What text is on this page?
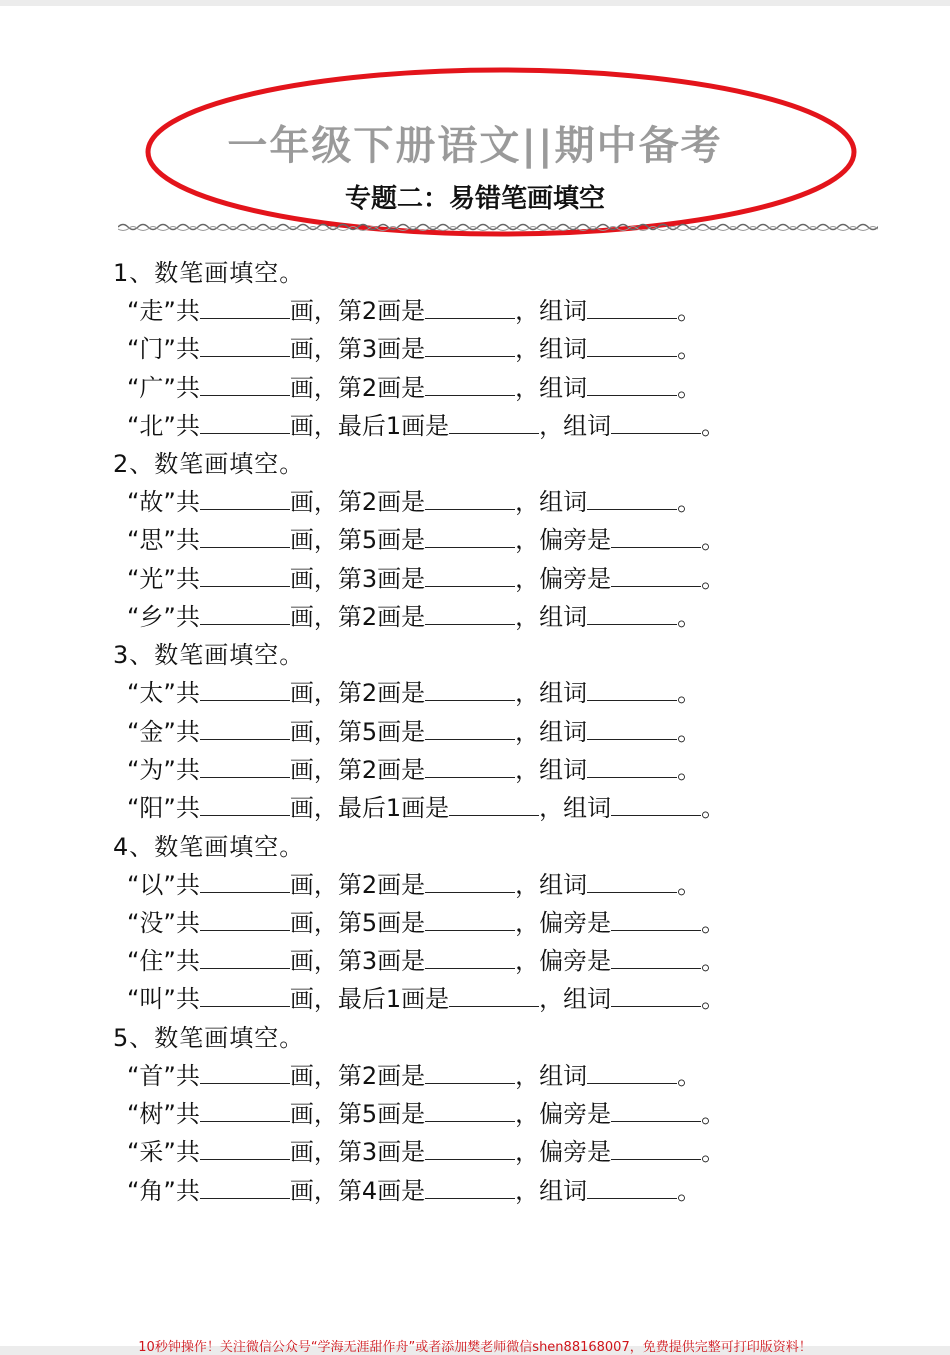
一年级下册语文||期中备考
专题二：易错笔画填空
1、数笔画填空。
“走”共	画，第2画是	，组词	。
“门”共	画，第3画是	，组词	。
“广”共	画，第2画是	，组词	。
“北”共	画，最后1画是	，组词	。
2、数笔画填空。
“故”共	画，第2画是	，组词	。
“思”共	画，第5画是	，偏旁是	。
“光”共	画，第3画是	，偏旁是	。
“乡”共	画，第2画是	，组词	。
3、数笔画填空。
“太”共	画，第2画是	，组词	。
“金”共	画，第5画是	，组词	。
“为”共	画，第2画是	，组词	。
“阳”共	画，最后1画是	，组词	。
4、数笔画填空。
“以”共	画，第2画是	，组词	。
“没”共	画，第5画是	，偏旁是	。
“住”共	画，第3画是	，偏旁是	。
“叫”共	画，最后1画是	，组词	。
5、数笔画填空。
“首”共	画，第2画是	，组词	。
“树”共	画，第5画是	，偏旁是	。
“采”共	画，第3画是	，偏旁是	。
“角”共	画，第4画是	，组词	。
10秒钟操作！关注微信公众号“学海无涯甜作舟”或者添加樊老师微信shen88168007，免费提供完整可打印版资料！
